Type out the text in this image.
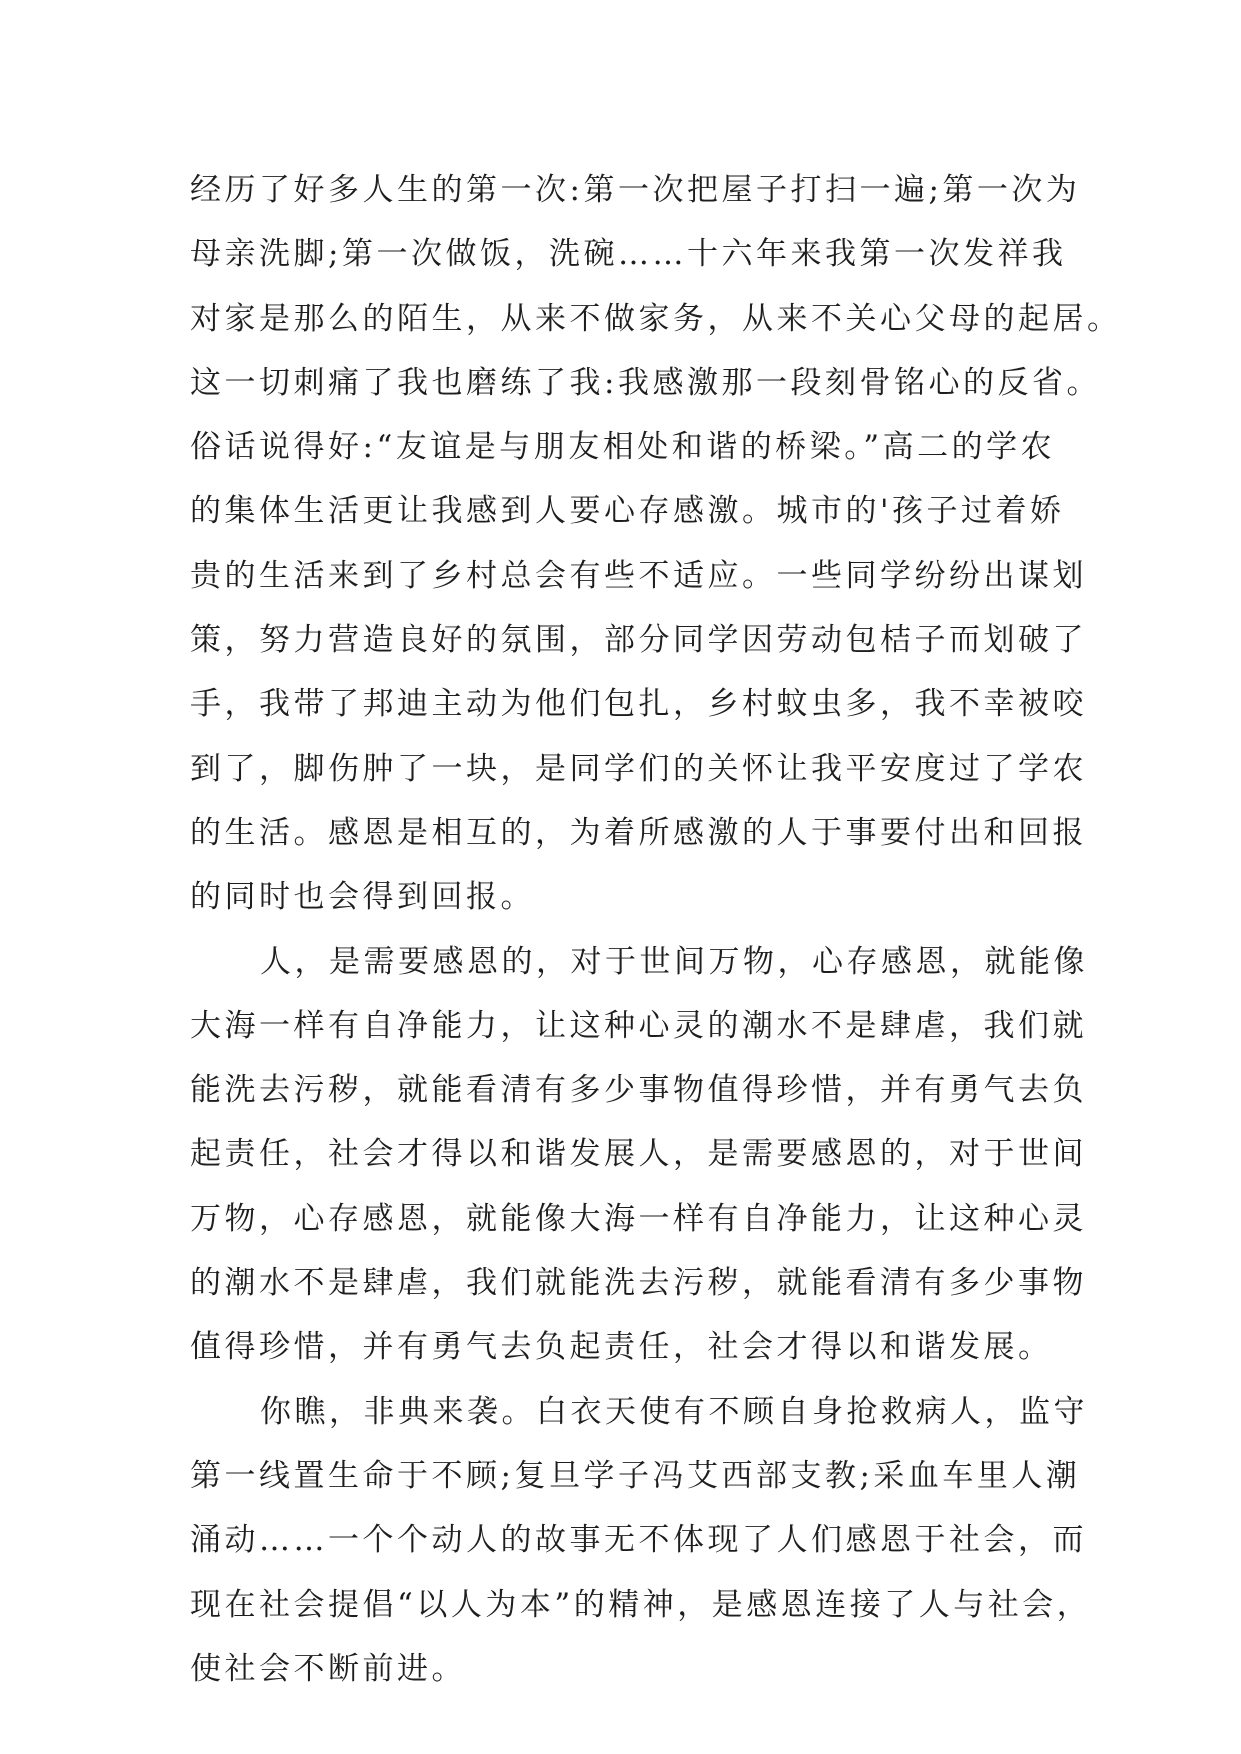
经历了好多人生的第一次:第一次把屋子打扫一遍;第一次为
母亲洗脚;第一次做饭，洗碗……十六年来我第一次发祥我
对家是那么的陌生，从来不做家务，从来不关心父母的起居。
这一切刺痛了我也磨练了我:我感激那一段刻骨铭心的反省。
俗话说得好:“友谊是与朋友相处和谐的桥梁。”高二的学农
的集体生活更让我感到人要心存感激。城市的'孩子过着娇
贵的生活来到了乡村总会有些不适应。一些同学纷纷出谋划
策，努力营造良好的氛围，部分同学因劳动包桔子而划破了
手，我带了邦迪主动为他们包扎，乡村蚊虫多，我不幸被咬
到了，脚伤肿了一块，是同学们的关怀让我平安度过了学农
的生活。感恩是相互的，为着所感激的人于事要付出和回报
的同时也会得到回报。
人，是需要感恩的，对于世间万物，心存感恩，就能像
大海一样有自净能力，让这种心灵的潮水不是肆虐，我们就
能洗去污秽，就能看清有多少事物值得珍惜，并有勇气去负
起责任，社会才得以和谐发展人，是需要感恩的，对于世间
万物，心存感恩，就能像大海一样有自净能力，让这种心灵
的潮水不是肆虐，我们就能洗去污秽，就能看清有多少事物
值得珍惜，并有勇气去负起责任，社会才得以和谐发展。
你瞧，非典来袭。白衣天使有不顾自身抢救病人，监守
第一线置生命于不顾;复旦学子冯艾西部支教;采血车里人潮
涌动……一个个动人的故事无不体现了人们感恩于社会，而
现在社会提倡“以人为本”的精神，是感恩连接了人与社会，
使社会不断前进。
